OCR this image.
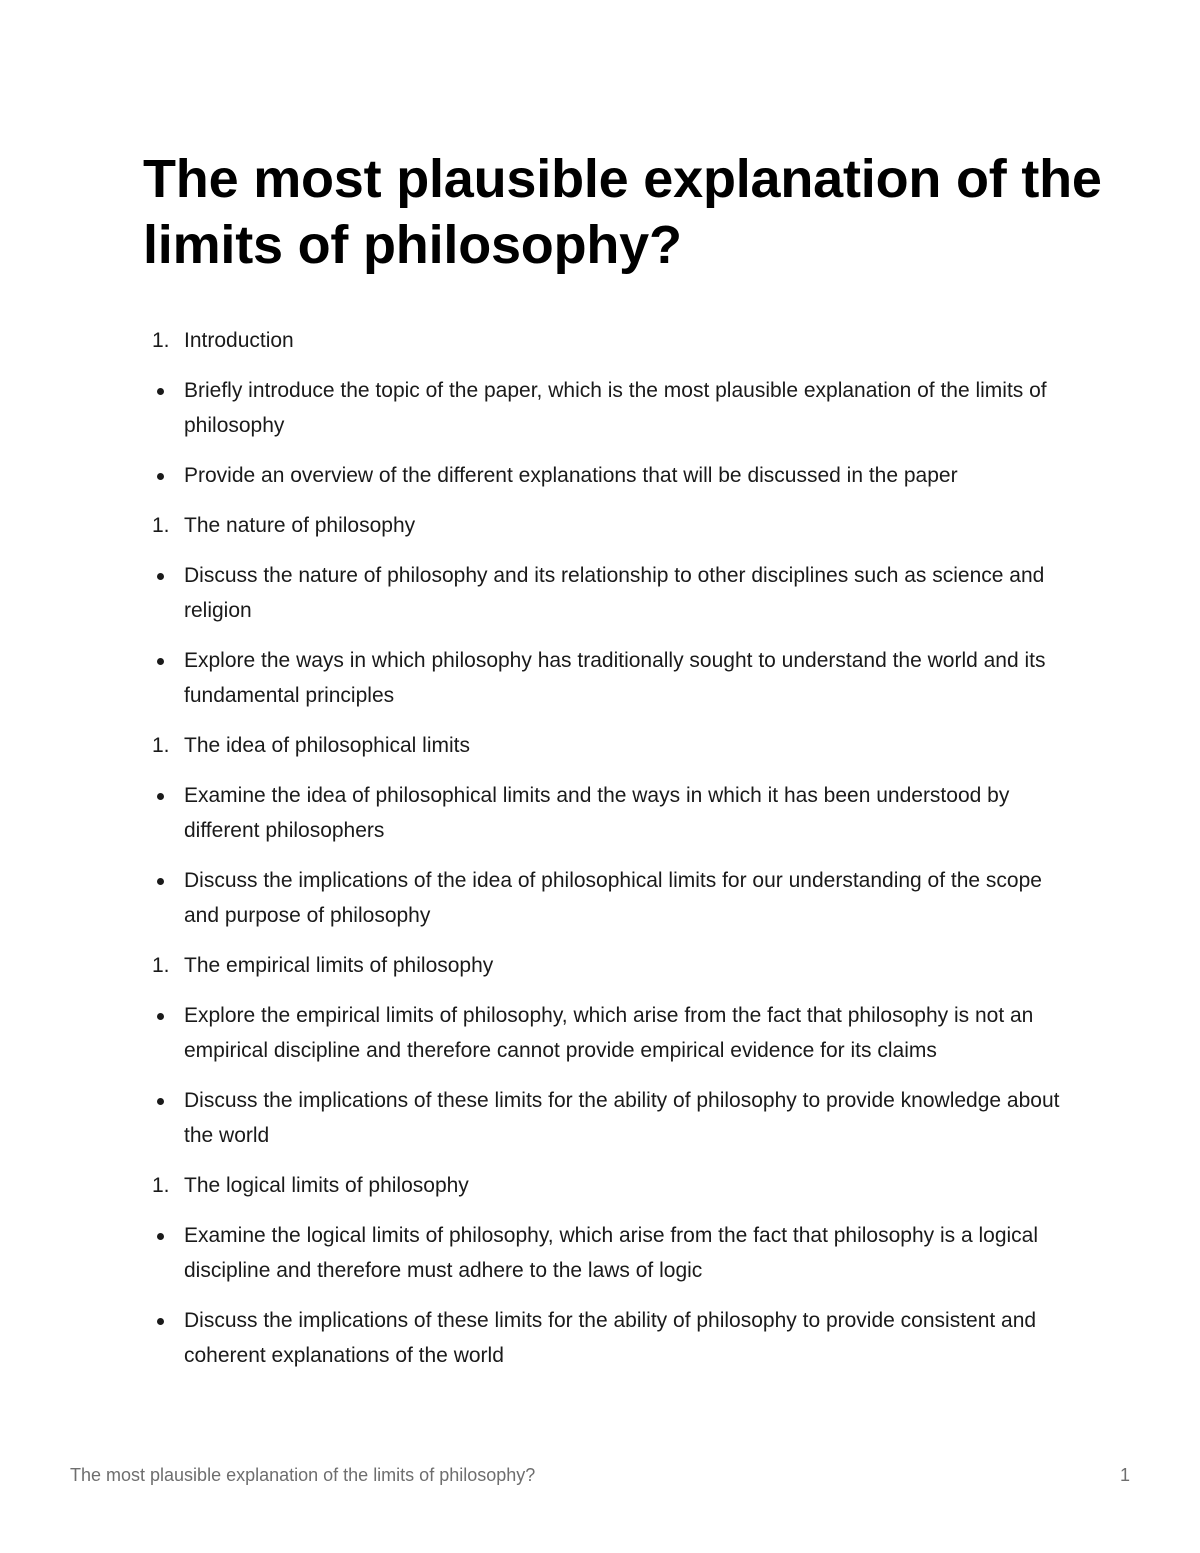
The most plausible explanation of the limits of philosophy?
1. Introduction
Briefly introduce the topic of the paper, which is the most plausible explanation of the limits of philosophy
Provide an overview of the different explanations that will be discussed in the paper
1. The nature of philosophy
Discuss the nature of philosophy and its relationship to other disciplines such as science and religion
Explore the ways in which philosophy has traditionally sought to understand the world and its fundamental principles
1. The idea of philosophical limits
Examine the idea of philosophical limits and the ways in which it has been understood by different philosophers
Discuss the implications of the idea of philosophical limits for our understanding of the scope and purpose of philosophy
1. The empirical limits of philosophy
Explore the empirical limits of philosophy, which arise from the fact that philosophy is not an empirical discipline and therefore cannot provide empirical evidence for its claims
Discuss the implications of these limits for the ability of philosophy to provide knowledge about the world
1. The logical limits of philosophy
Examine the logical limits of philosophy, which arise from the fact that philosophy is a logical discipline and therefore must adhere to the laws of logic
Discuss the implications of these limits for the ability of philosophy to provide consistent and coherent explanations of the world
The most plausible explanation of the limits of philosophy?	1
